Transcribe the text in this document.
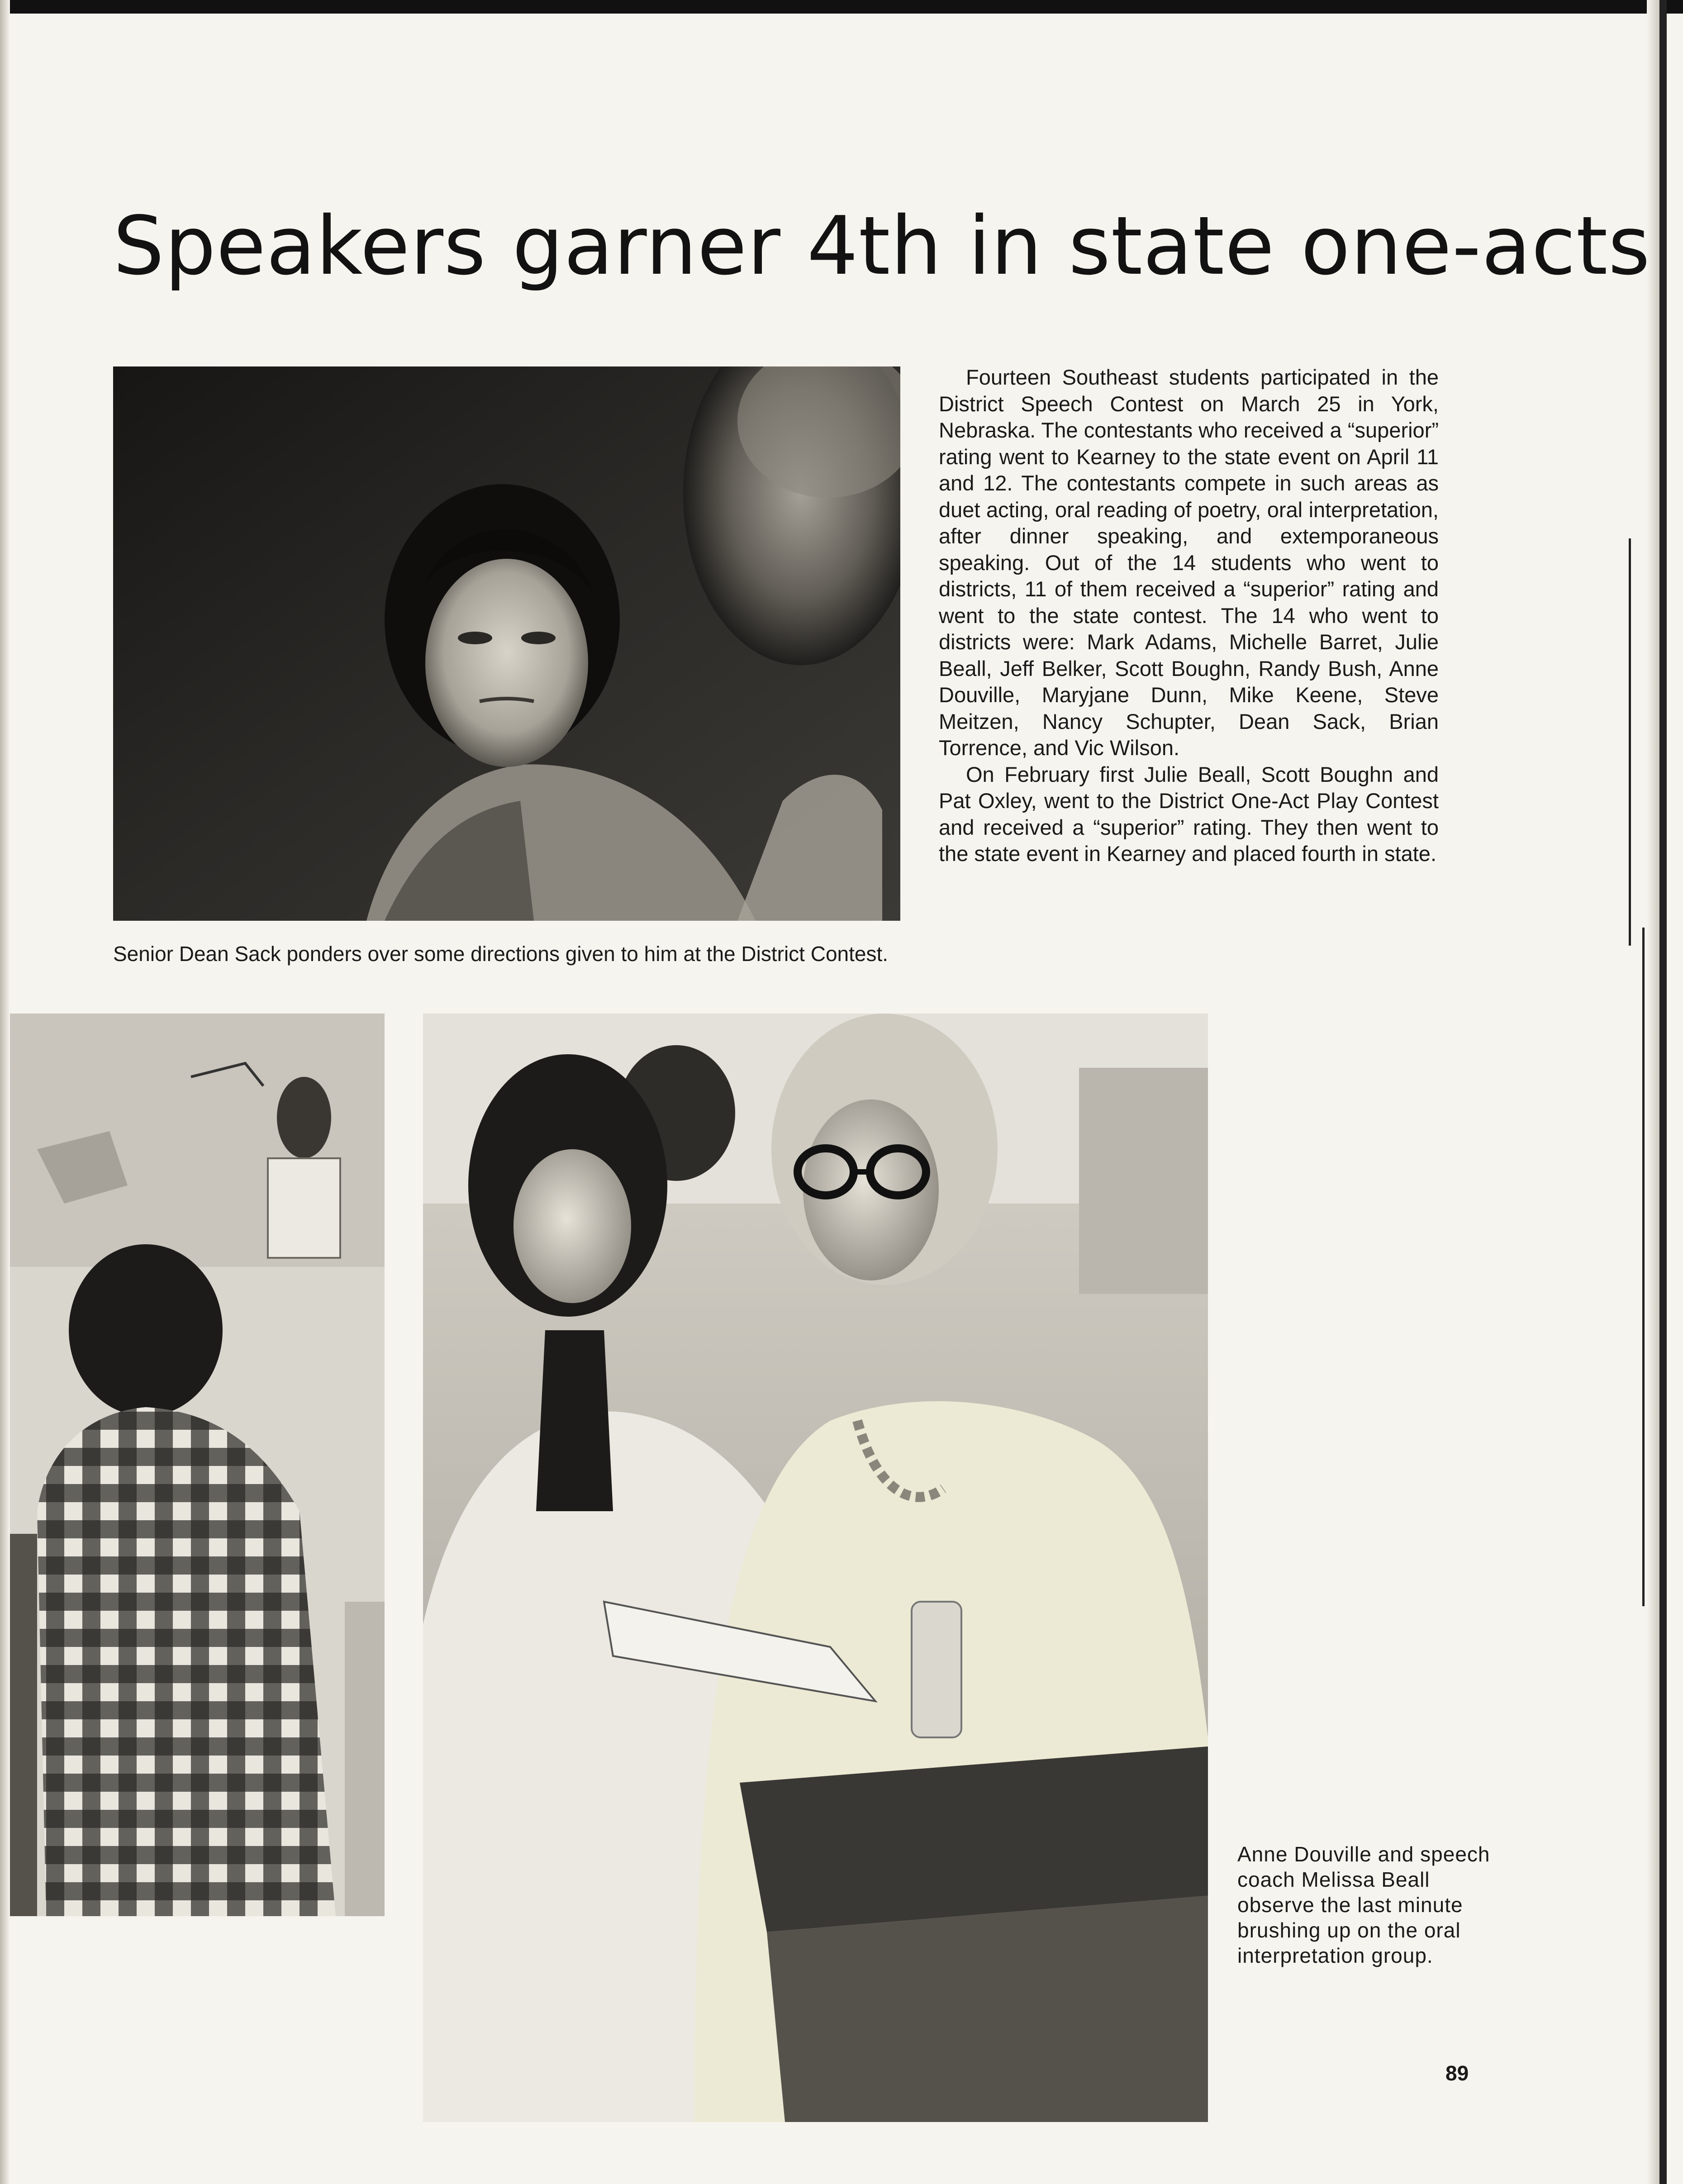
Speakers garner 4th in state one-acts

Senior Dean Sack ponders over some directions given to him at the District Contest.

Fourteen Southeast students participated in the District Speech Contest on March 25 in York, Nebraska. The contestants who received a “superior” rating went to Kearney to the state event on April 11 and 12. The contestants compete in such areas as duet acting, oral reading of poetry, oral interpretation, after dinner speaking, and extemporaneous speaking. Out of the 14 students who went to districts, 11 of them received a “superior” rating and went to the state contest. The 14 who went to districts were: Mark Adams, Michelle Barret, Julie Beall, Jeff Belker, Scott Boughn, Randy Bush, Anne Douville, Maryjane Dunn, Mike Keene, Steve Meitzen, Nancy Schupter, Dean Sack, Brian Torrence, and Vic Wilson.

On February first Julie Beall, Scott Boughn and Pat Oxley, went to the District One-Act Play Contest and received a “superior” rating. They then went to the state event in Kearney and placed fourth in state.

Anne Douville and speech coach Melissa Beall observe the last minute brushing up on the oral interpretation group.

89
